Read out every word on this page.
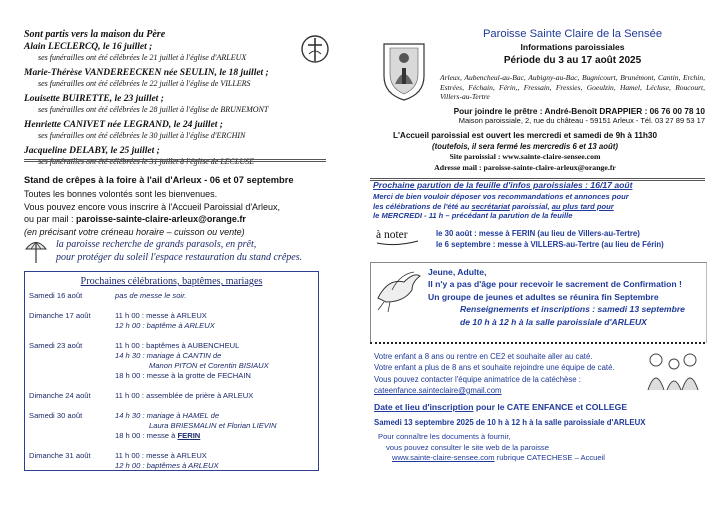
Sont partis vers la maison du Père
Alain LECLERCQ, le 16 juillet ;
ses funérailles ont été célébrées le 21 juillet à l'église d'ARLEUX
Marie-Thérèse VANDEREECKEN née SEULIN, le 18 juillet ;
ses funérailles ont été célébrées le 22 juillet à l'église de VILLERS
Louisette BUIRETTE, le 23 juillet ;
ses funérailles ont été célébrées le 28 juillet à l'église de BRUNEMONT
Henriette CANIVET née LEGRAND, le 24 juillet ;
ses funérailles ont été célébrées le 30 juillet à l'église d'ERCHIN
Jacqueline DELABY, le 25 juillet ;
ses funérailles ont été célébrées le 31 juillet à l'église de LECLUSE
Stand de crêpes à la foire à l'ail d'Arleux - 06 et 07 septembre
Toutes les bonnes volontés sont les bienvenues.
Vous pouvez encore vous inscrire à l'Accueil Paroissial d'Arleux,
ou par mail : paroisse-sainte-claire-arleux@orange.fr
(en précisant votre créneau horaire – cuisson ou vente)
la paroisse recherche de grands parasols, en prêt,
pour protéger du soleil l'espace restauration du stand crêpes.
Prochaines célébrations, baptêmes, mariages
Samedi 16 août	pas de messe le soir.
Dimanche 17 août	11 h 00 : messe à ARLEUX
12 h 00 : baptême à ARLEUX
Samedi 23 août	11 h 00 : baptêmes à AUBENCHEUL
14 h 30 : mariage à CANTIN de
Manon PITON et Corentin BISIAUX
18 h 00 : messe à la grotte de FECHAIN
Dimanche 24 août	11 h 00 : assemblée de prière à ARLEUX
Samedi 30 août	14 h 30 : mariage à HAMEL de
Laura BRIESMALIN et Florian LIEVIN
18 h 00 : messe à FERIN
Dimanche 31 août	11 h 00 : messe à ARLEUX
12 h 00 : baptêmes à ARLEUX
Paroisse Sainte Claire de la Sensée
Informations paroissiales
Période du 3 au 17 août 2025
Arleux, Aubencheul-au-Bac, Aubigny-au-Bac, Bugnicourt, Brunémont, Cantin, Erchin, Estrées, Féchain, Férin,, Fressain, Fressies, Goeulzin, Hamel, Lécluse, Roucourt, Villers-au-Tertre
Pour joindre le prêtre : André-Benoît DRAPPIER : 06 76 00 78 10
Maison paroissiale, 2, rue du château - 59151 Arleux - Tél. 03 27 89 53 17
L'Accueil paroissial est ouvert les mercredi et samedi de 9h à 11h30
(toutefois, il sera fermé les mercredis 6 et 13 août)
Site paroissial : www.sainte-claire-sensee.com
Adresse mail : paroisse-sainte-claire-arleux@orange.fr
Prochaine parution de la feuille d'infos paroissiales : 16/17 août
Merci de bien vouloir déposer vos recommandations et annonces pour
les célébrations de l'été au secrétariat paroissial, au plus tard pour
le MERCREDI - 11 h – précédant la parution de la feuille
à noter	le 30 août : messe à FERIN (au lieu de Villers-au-Tertre)
le 6 septembre : messe à VILLERS-au-Tertre (au lieu de Férin)
Jeune, Adulte,
Il n'y a pas d'âge pour recevoir le sacrement de Confirmation !
Un groupe de jeunes et adultes se réunira fin Septembre
Renseignements et inscriptions : samedi 13 septembre
de 10 h à 12 h à la salle paroissiale d'ARLEUX
Votre enfant a 8 ans ou rentre en CE2 et souhaite aller au caté.
Votre enfant a plus de 8 ans et souhaite rejoindre une équipe de caté.
Vous pouvez contacter l'équipe animatrice de la catéchèse :
cateenfance.sainteclaire@gmail.com
Date et lieu d'inscription pour le CATE ENFANCE et COLLEGE
Samedi 13 septembre 2025 de 10 h à 12 h à la salle paroissiale d'ARLEUX
Pour connaître les documents à fournir,
vous pouvez consulter le site web de la paroisse
www.sainte-claire-sensee.com rubrique CATECHESE – Accueil
